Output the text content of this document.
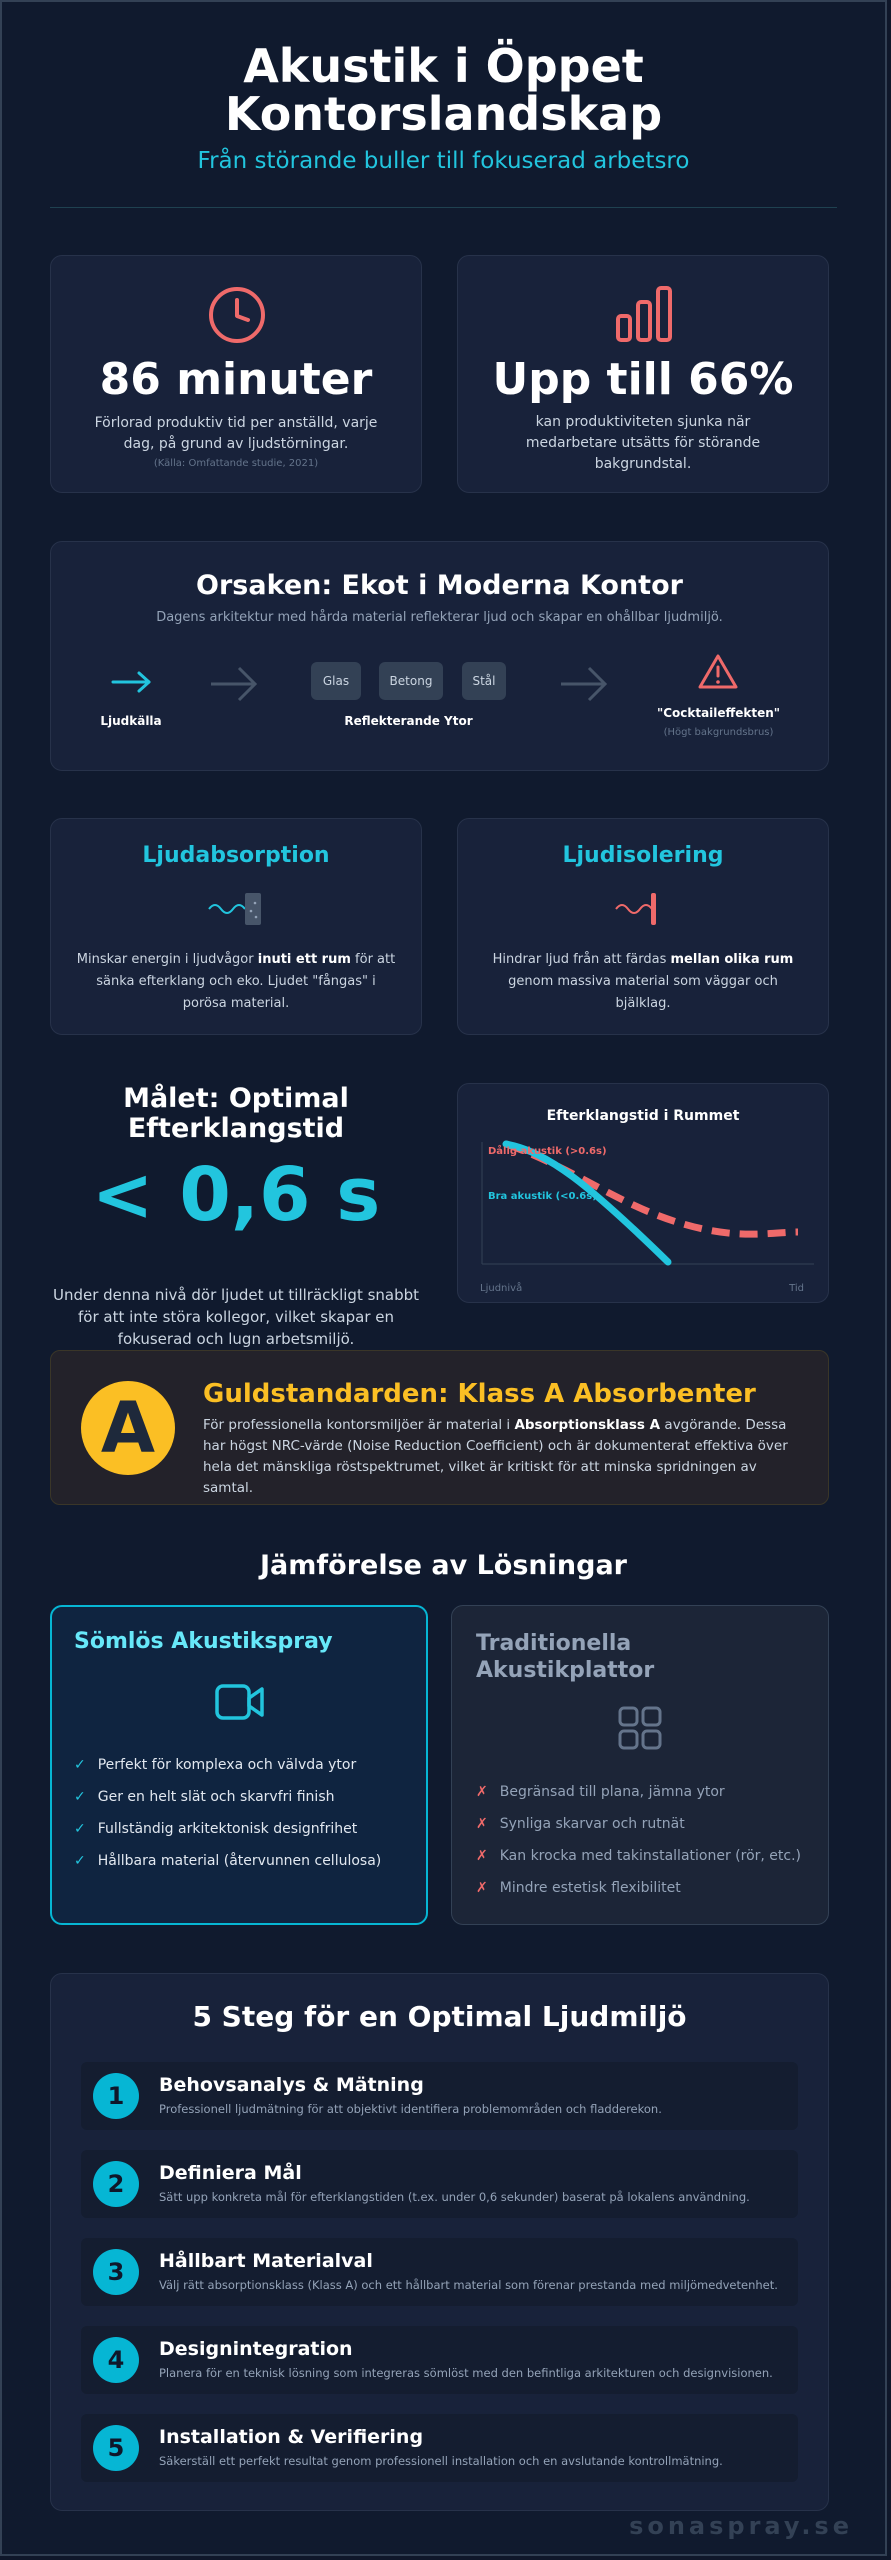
Akustik i Öppet
Kontorslandskap
Från störande buller till fokuserad arbetsro
86 minuter
Förlorad produktiv tid per anställd, varje dag, på grund av ljudstörningar.
(Källa: Omfattande studie, 2021)
Upp till 66%
kan produktiviteten sjunka när medarbetare utsätts för störande bakgrundstal.
Orsaken: Ekot i Moderna Kontor
Dagens arkitektur med hårda material reflekterar ljud och skapar en ohållbar ljudmiljö.
Ljudkälla
Glas	Betong	Stål
Reflekterande Ytor
"Cocktaileffekten"
(Högt bakgrundsbrus)
Ljudabsorption
Minskar energin i ljudvågor inuti ett rum för att sänka efterklang och eko. Ljudet "fångas" i porösa material.
Ljudisolering
Hindrar ljud från att färdas mellan olika rum genom massiva material som väggar och bjälklag.
Målet: Optimal
Efterklangstid
< 0,6 s
Under denna nivå dör ljudet ut tillräckligt snabbt för att inte störa kollegor, vilket skapar en fokuserad och lugn arbetsmiljö.
Efterklangstid i Rummet
Dålig akustik (>0.6s)
Bra akustik (<0.6s)
Ljudnivå	Tid
A	Guldstandarden: Klass A Absorbenter
För professionella kontorsmiljöer är material i Absorptionsklass A avgörande. Dessa har högst NRC-värde (Noise Reduction Coefficient) och är dokumenterat effektiva över hela det mänskliga röstspektrumet, vilket är kritiskt för att minska spridningen av samtal.
Jämförelse av Lösningar
Sömlös Akustikspray
✓ Perfekt för komplexa och välvda ytor
✓ Ger en helt slät och skarvfri finish
✓ Fullständig arkitektonisk designfrihet
✓ Hållbara material (återvunnen cellulosa)
Traditionella
Akustikplattor
✗ Begränsad till plana, jämna ytor
✗ Synliga skarvar och rutnät
✗ Kan krocka med takinstallationer (rör, etc.)
✗ Mindre estetisk flexibilitet
5 Steg för en Optimal Ljudmiljö
1	Behovsanalys & Mätning
Professionell ljudmätning för att objektivt identifiera problemområden och fladderekon.
2	Definiera Mål
Sätt upp konkreta mål för efterklangstiden (t.ex. under 0,6 sekunder) baserat på lokalens användning.
3	Hållbart Materialval
Välj rätt absorptionsklass (Klass A) och ett hållbart material som förenar prestanda med miljömedvetenhet.
4	Designintegration
Planera för en teknisk lösning som integreras sömlöst med den befintliga arkitekturen och designvisionen.
5	Installation & Verifiering
Säkerställ ett perfekt resultat genom professionell installation och en avslutande kontrollmätning.
sonaspray.se
